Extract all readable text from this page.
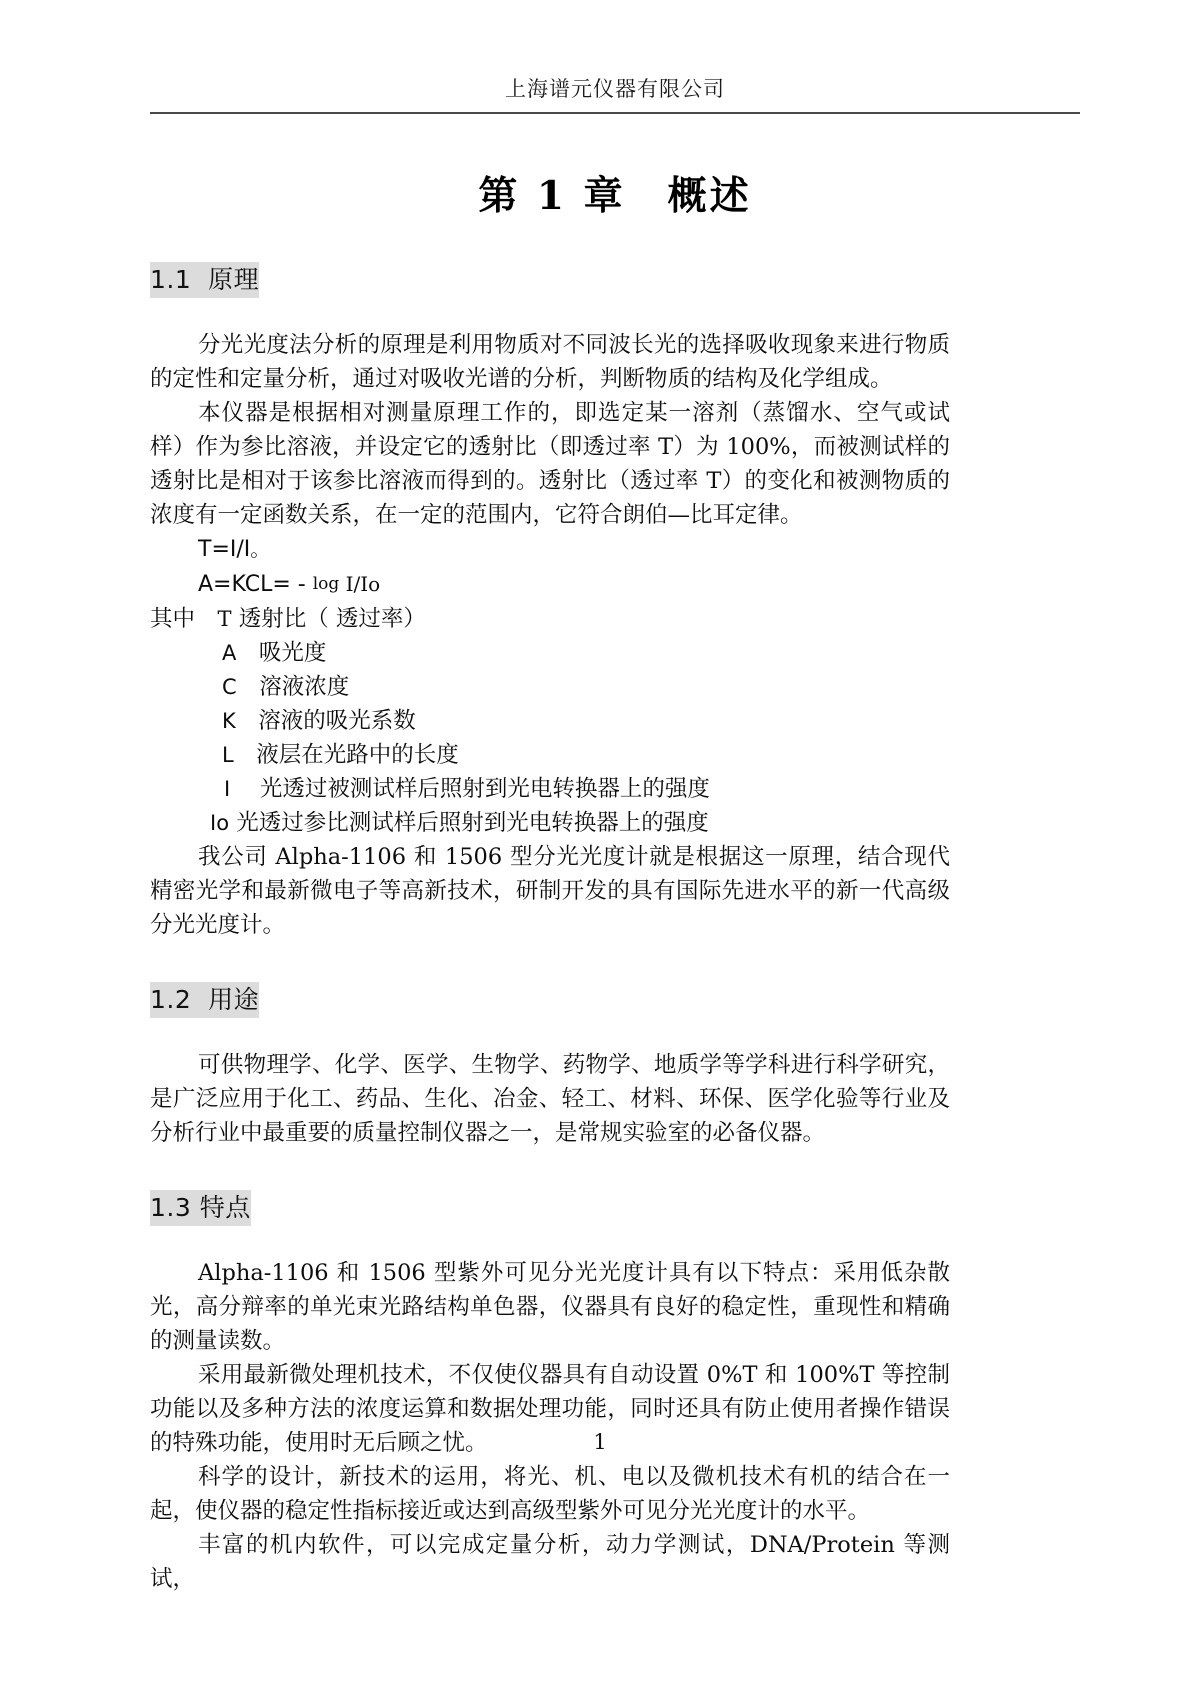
上海谱元仪器有限公司
第 1 章　概述
1.1  原理

分光光度法分析的原理是利用物质对不同波长光的选择吸收现象来进行物质的定性和定量分析，通过对吸收光谱的分析，判断物质的结构及化学组成。

本仪器是根据相对测量原理工作的，即选定某一溶剂（蒸馏水、空气或试样）作为参比溶液，并设定它的透射比（即透过率 T）为 100%，而被测试样的透射比是相对于该参比溶液而得到的。透射比（透过率 T）的变化和被测物质的浓度有一定函数关系，在一定的范围内，它符合朗伯—比耳定律。

T=I/I。

A=KCL= - log I/Io

其中　 T 透射比（ 透过率）

A　 吸光度

C　 溶液浓度

K　 溶液的吸光系数

L　 液层在光路中的长度

I　 光透过被测试样后照射到光电转换器上的强度

Io 光透过参比测试样后照射到光电转换器上的强度

我公司 Alpha-1106 和 1506 型分光光度计就是根据这一原理，结合现代精密光学和最新微电子等高新技术，研制开发的具有国际先进水平的新一代高级分光光度计。

1.2  用途

可供物理学、化学、医学、生物学、药物学、地质学等学科进行科学研究，是广泛应用于化工、药品、生化、冶金、轻工、材料、环保、医学化验等行业及分析行业中最重要的质量控制仪器之一，是常规实验室的必备仪器。

1.3 特点

Alpha-1106 和 1506 型紫外可见分光光度计具有以下特点：采用低杂散光，高分辩率的单光束光路结构单色器，仪器具有良好的稳定性，重现性和精确的测量读数。

采用最新微处理机技术，不仅使仪器具有自动设置 0%T 和 100%T 等控制功能以及多种方法的浓度运算和数据处理功能，同时还具有防止使用者操作错误的特殊功能，使用时无后顾之忧。

科学的设计，新技术的运用，将光、机、电以及微机技术有机的结合在一起，使仪器的稳定性指标接近或达到高级型紫外可见分光光度计的水平。

丰富的机内软件，可以完成定量分析，动力学测试，DNA/Protein 等测试，

1
